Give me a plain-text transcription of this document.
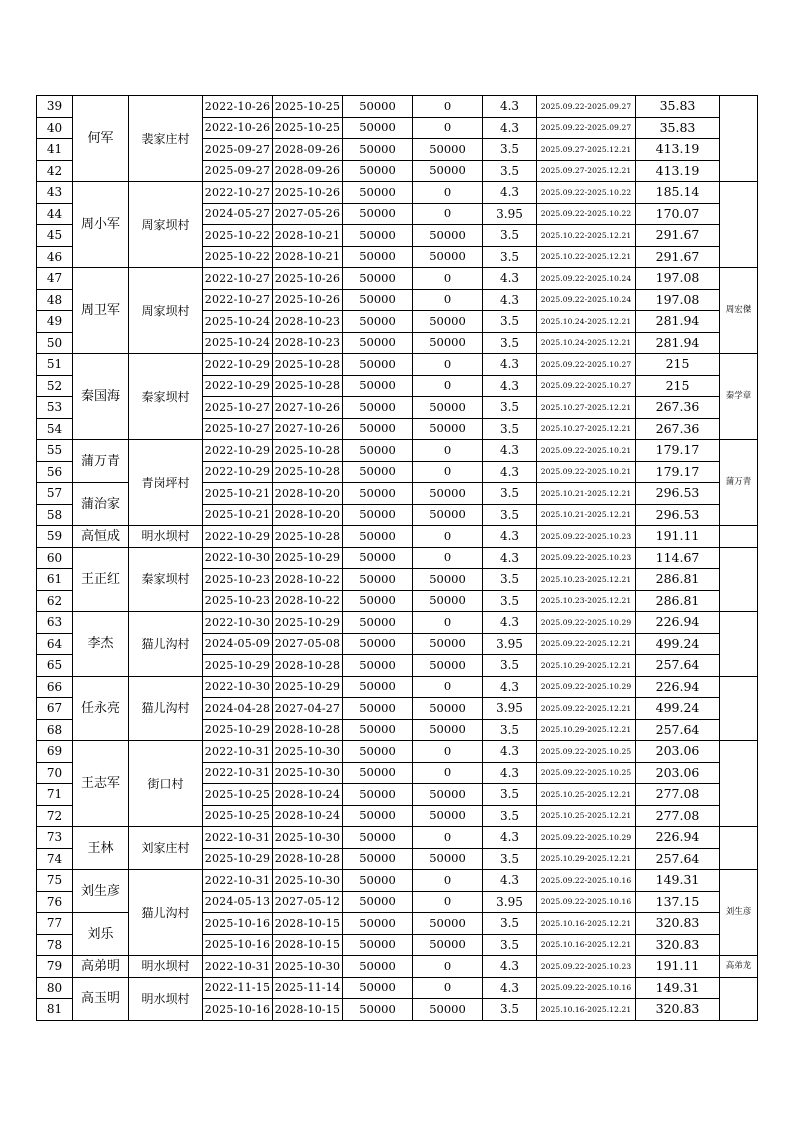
39	何军	裴家庄村	2022-10-26	2025-10-25	50000	0	4.3	2025.09.22-2025.09.27	35.83	
40			2022-10-26	2025-10-25	50000	0	4.3	2025.09.22-2025.09.27	35.83	
41			2025-09-27	2028-09-26	50000	50000	3.5	2025.09.27-2025.12.21	413.19	
42			2025-09-27	2028-09-26	50000	50000	3.5	2025.09.27-2025.12.21	413.19	
43	周小军	周家坝村	2022-10-27	2025-10-26	50000	0	4.3	2025.09.22-2025.10.22	185.14	
44			2024-05-27	2027-05-26	50000	0	3.95	2025.09.22-2025.10.22	170.07	
45			2025-10-22	2028-10-21	50000	50000	3.5	2025.10.22-2025.12.21	291.67	
46			2025-10-22	2028-10-21	50000	50000	3.5	2025.10.22-2025.12.21	291.67	
47	周卫军	周家坝村	2022-10-27	2025-10-26	50000	0	4.3	2025.09.22-2025.10.24	197.08	周宏傑
48			2022-10-27	2025-10-26	50000	0	4.3	2025.09.22-2025.10.24	197.08	
49			2025-10-24	2028-10-23	50000	50000	3.5	2025.10.24-2025.12.21	281.94	
50			2025-10-24	2028-10-23	50000	50000	3.5	2025.10.24-2025.12.21	281.94	
51	秦国海	秦家坝村	2022-10-29	2025-10-28	50000	0	4.3	2025.09.22-2025.10.27	215	秦学章
52			2022-10-29	2025-10-28	50000	0	4.3	2025.09.22-2025.10.27	215	
53			2025-10-27	2027-10-26	50000	50000	3.5	2025.10.27-2025.12.21	267.36	
54			2025-10-27	2027-10-26	50000	50000	3.5	2025.10.27-2025.12.21	267.36	
55	蒲万青	青岗坪村	2022-10-29	2025-10-28	50000	0	4.3	2025.09.22-2025.10.21	179.17	蒲万青
56			2022-10-29	2025-10-28	50000	0	4.3	2025.09.22-2025.10.21	179.17	
57	蒲治家		2025-10-21	2028-10-20	50000	50000	3.5	2025.10.21-2025.12.21	296.53	
58			2025-10-21	2028-10-20	50000	50000	3.5	2025.10.21-2025.12.21	296.53	
59	高恒成	明水坝村	2022-10-29	2025-10-28	50000	0	4.3	2025.09.22-2025.10.23	191.11	
60	王正红	秦家坝村	2022-10-30	2025-10-29	50000	0	4.3	2025.09.22-2025.10.23	114.67	
61			2025-10-23	2028-10-22	50000	50000	3.5	2025.10.23-2025.12.21	286.81	
62			2025-10-23	2028-10-22	50000	50000	3.5	2025.10.23-2025.12.21	286.81	
63	李杰	猫儿沟村	2022-10-30	2025-10-29	50000	0	4.3	2025.09.22-2025.10.29	226.94	
64			2024-05-09	2027-05-08	50000	50000	3.95	2025.09.22-2025.12.21	499.24	
65			2025-10-29	2028-10-28	50000	50000	3.5	2025.10.29-2025.12.21	257.64	
66	任永亮	猫儿沟村	2022-10-30	2025-10-29	50000	0	4.3	2025.09.22-2025.10.29	226.94	
67			2024-04-28	2027-04-27	50000	50000	3.95	2025.09.22-2025.12.21	499.24	
68			2025-10-29	2028-10-28	50000	50000	3.5	2025.10.29-2025.12.21	257.64	
69	王志军	街口村	2022-10-31	2025-10-30	50000	0	4.3	2025.09.22-2025.10.25	203.06	
70			2022-10-31	2025-10-30	50000	0	4.3	2025.09.22-2025.10.25	203.06	
71			2025-10-25	2028-10-24	50000	50000	3.5	2025.10.25-2025.12.21	277.08	
72			2025-10-25	2028-10-24	50000	50000	3.5	2025.10.25-2025.12.21	277.08	
73	王林	刘家庄村	2022-10-31	2025-10-30	50000	0	4.3	2025.09.22-2025.10.29	226.94	
74			2025-10-29	2028-10-28	50000	50000	3.5	2025.10.29-2025.12.21	257.64	
75	刘生彦	猫儿沟村	2022-10-31	2025-10-30	50000	0	4.3	2025.09.22-2025.10.16	149.31	刘生彦
76			2024-05-13	2027-05-12	50000	0	3.95	2025.09.22-2025.10.16	137.15	
77	刘乐		2025-10-16	2028-10-15	50000	50000	3.5	2025.10.16-2025.12.21	320.83	
78			2025-10-16	2028-10-15	50000	50000	3.5	2025.10.16-2025.12.21	320.83	
79	高弟明	明水坝村	2022-10-31	2025-10-30	50000	0	4.3	2025.09.22-2025.10.23	191.11	高弟龙
80	高玉明	明水坝村	2022-11-15	2025-11-14	50000	0	4.3	2025.09.22-2025.10.16	149.31	
81			2025-10-16	2028-10-15	50000	50000	3.5	2025.10.16-2025.12.21	320.83	
